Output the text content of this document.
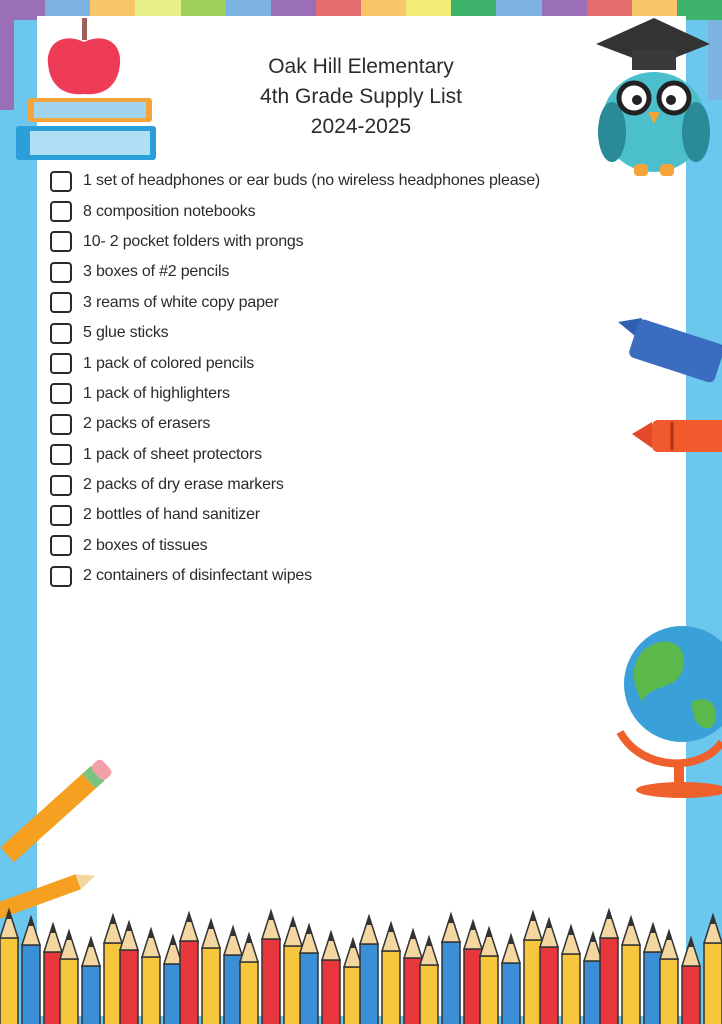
Oak Hill Elementary
4th Grade Supply List
2024-2025
1 set of headphones or ear buds (no wireless headphones please)
8 composition notebooks
10- 2 pocket folders with prongs
3 boxes of #2 pencils
3 reams of white copy paper
5 glue sticks
1 pack of colored pencils
1 pack of highlighters
2 packs of erasers
1 pack of sheet protectors
2 packs of dry erase markers
2 bottles of hand sanitizer
2 boxes of tissues
2 containers of disinfectant wipes
